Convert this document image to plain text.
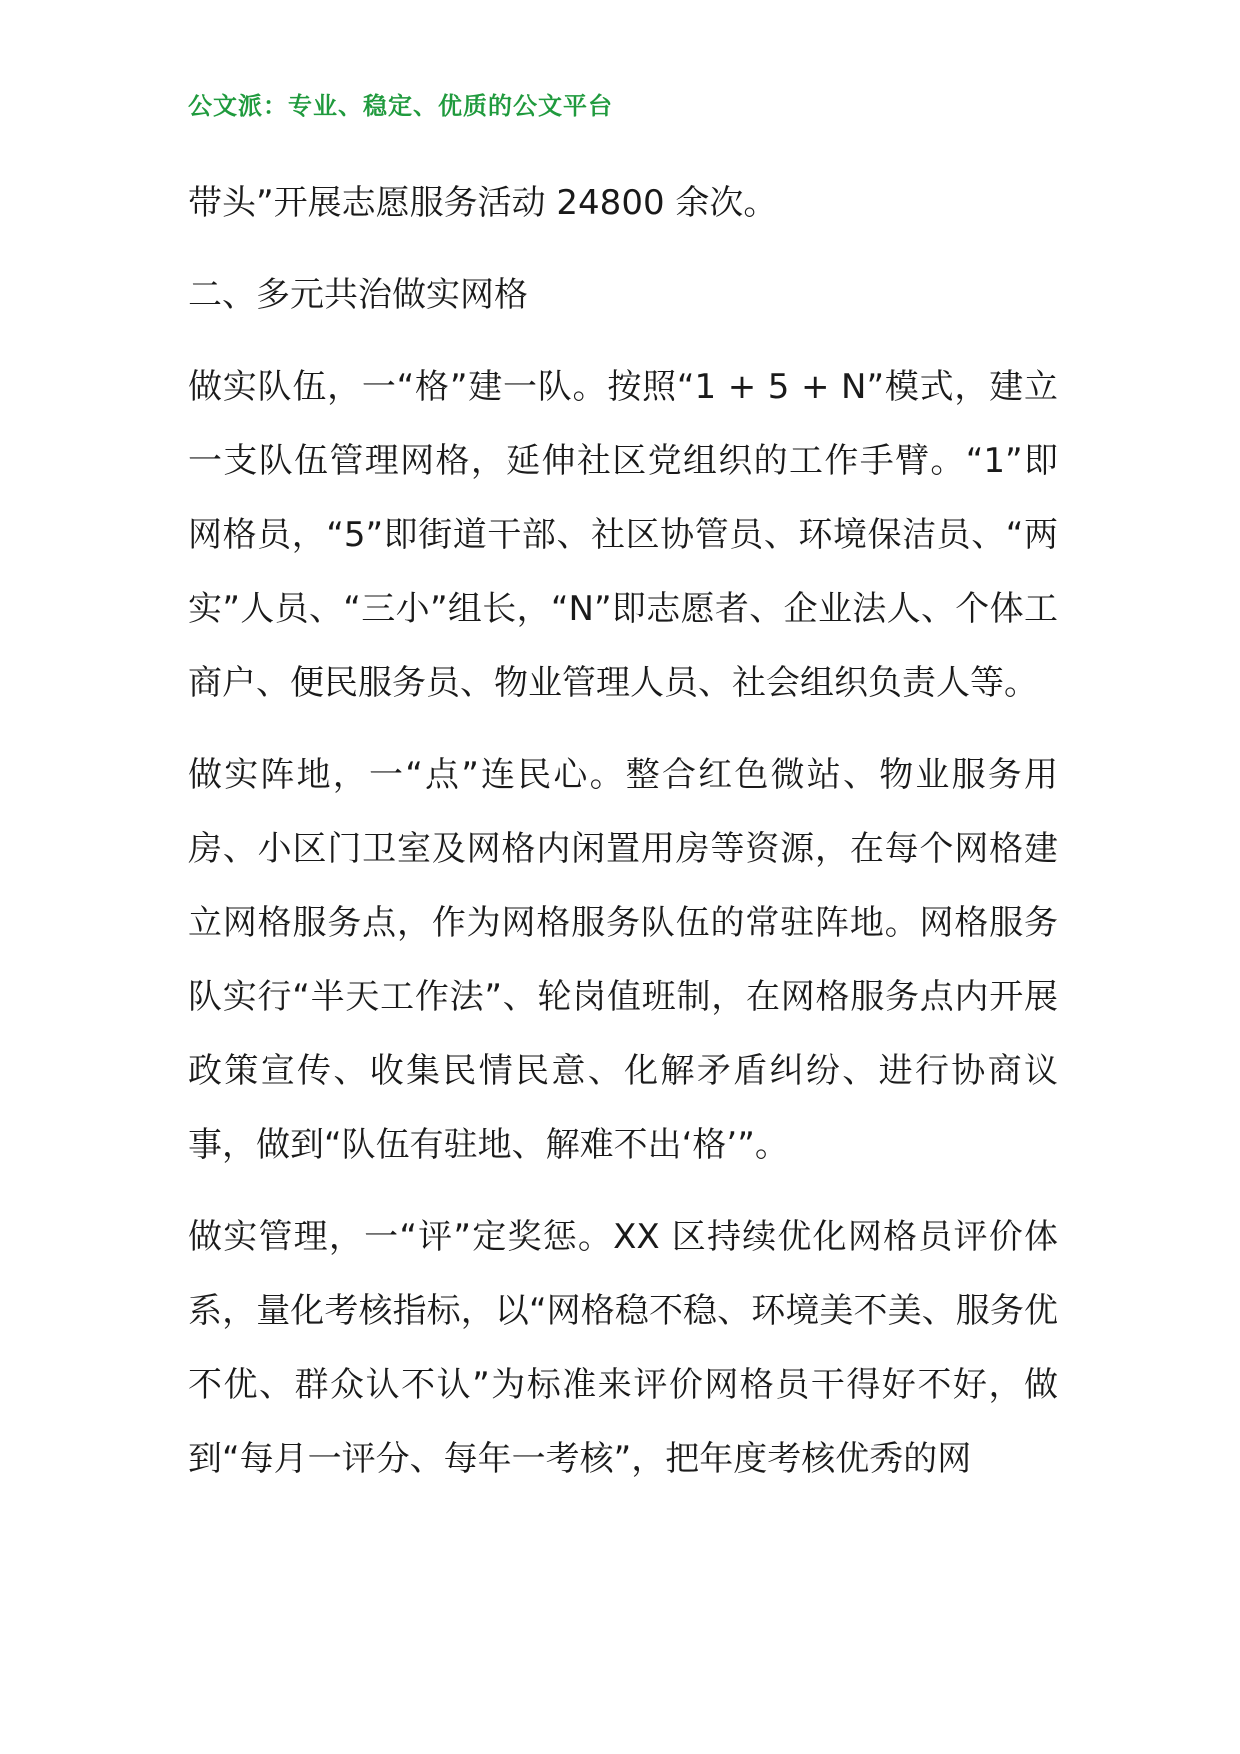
公文派：专业、稳定、优质的公文平台

带头”开展志愿服务活动 24800 余次。

二、多元共治做实网格

做实队伍，一“格”建一队。按照“1 + 5 + N”模式，建立一支队伍管理网格，延伸社区党组织的工作手臂。“1”即网格员，“5”即街道干部、社区协管员、环境保洁员、“两实”人员、“三小”组长，“N”即志愿者、企业法人、个体工商户、便民服务员、物业管理人员、社会组织负责人等。

做实阵地，一“点”连民心。整合红色微站、物业服务用房、小区门卫室及网格内闲置用房等资源，在每个网格建立网格服务点，作为网格服务队伍的常驻阵地。网格服务队实行“半天工作法”、轮岗值班制，在网格服务点内开展政策宣传、收集民情民意、化解矛盾纠纷、进行协商议事，做到“队伍有驻地、解难不出‘格’”。

做实管理，一“评”定奖惩。XX 区持续优化网格员评价体系，量化考核指标，以“网格稳不稳、环境美不美、服务优不优、群众认不认”为标准来评价网格员干得好不好，做到“每月一评分、每年一考核”，把年度考核优秀的网
